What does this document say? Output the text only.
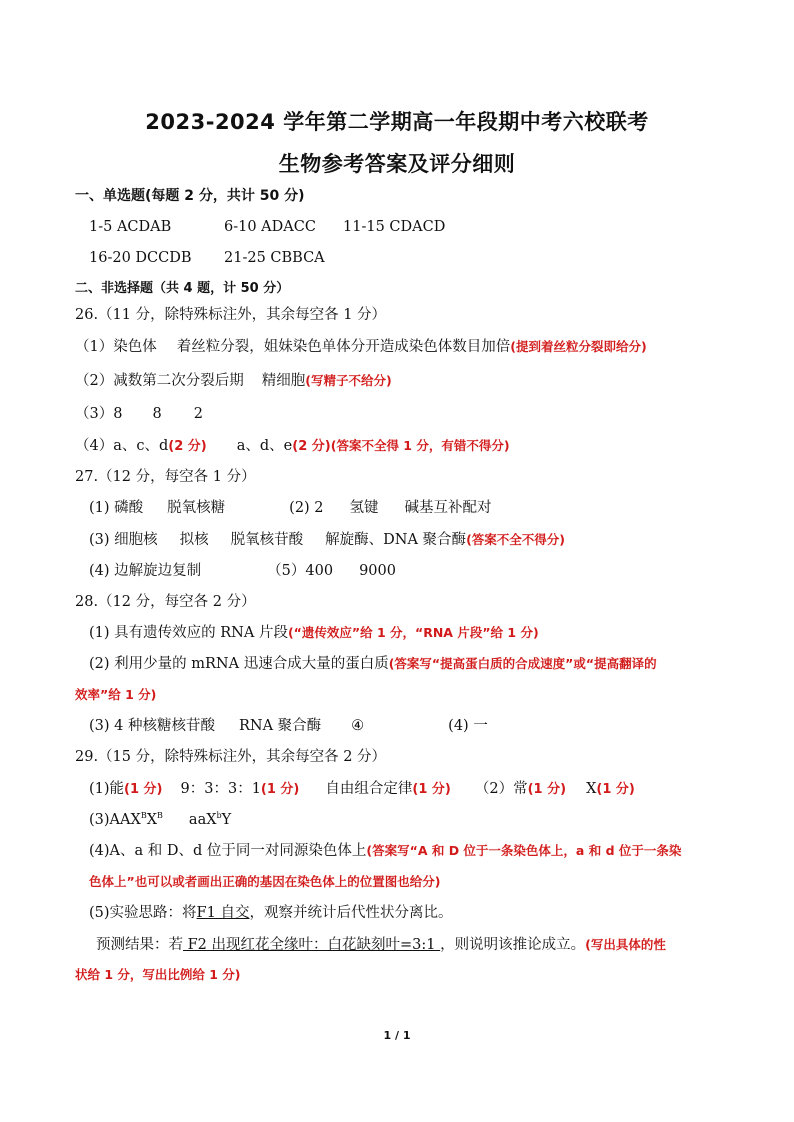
2023-2024 学年第二学期高一年段期中考六校联考
生物参考答案及评分细则
一、单选题(每题 2 分，共计 50 分)
1-5 ACDAB	6-10 ADACC 11-15 CDACD
16-20 DCCDB 21-25 CBBCA
二、非选择题（共 4 题，计 50 分）
26.（11 分，除特殊标注外，其余每空各 1 分）
（1）染色体 着丝粒分裂，姐妹染色单体分开造成染色体数目加倍(提到着丝粒分裂即给分)
（2）减数第二次分裂后期 精细胞(写精子不给分)
（3）8 8 2
（4）a、c、d(2 分) a、d、e(2 分)(答案不全得 1 分，有错不得分)
27.（12 分，每空各 1 分）
(1) 磷酸 脱氧核糖	(2) 2 氢键 碱基互补配对
(3) 细胞核 拟核 脱氧核苷酸 解旋酶、DNA 聚合酶(答案不全不得分)
(4) 边解旋边复制	（5）400 9000
28.（12 分，每空各 2 分）
(1) 具有遗传效应的 RNA 片段(“遗传效应”给 1 分，“RNA 片段”给 1 分)
(2) 利用少量的 mRNA 迅速合成大量的蛋白质(答案写“提高蛋白质的合成速度”或“提高翻译的
效率”给 1 分)
(3) 4 种核糖核苷酸 RNA 聚合酶 ④	(4) 一
29.（15 分，除特殊标注外，其余每空各 2 分）
(1)能(1 分) 9：3：3：1(1 分) 自由组合定律(1 分) （2）常(1 分) X(1 分)
$(3)AAX^BX^B$ aaX$^b$Y
(4)A、a 和 D、d 位于同一对同源染色体上(答案写“A 和 D 位于一条染色体上，a 和 d 位于一条染
色体上”也可以或者画出正确的基因在染色体上的位置图也给分)
(5)实验思路：将F1 自交，观察并统计后代性状分离比。
预测结果：若 F2 出现红花全缘叶：白花缺刻叶=3:1 ，则说明该推论成立。(写出具体的性
状给 1 分，写出比例给 1 分)
1 / 1
